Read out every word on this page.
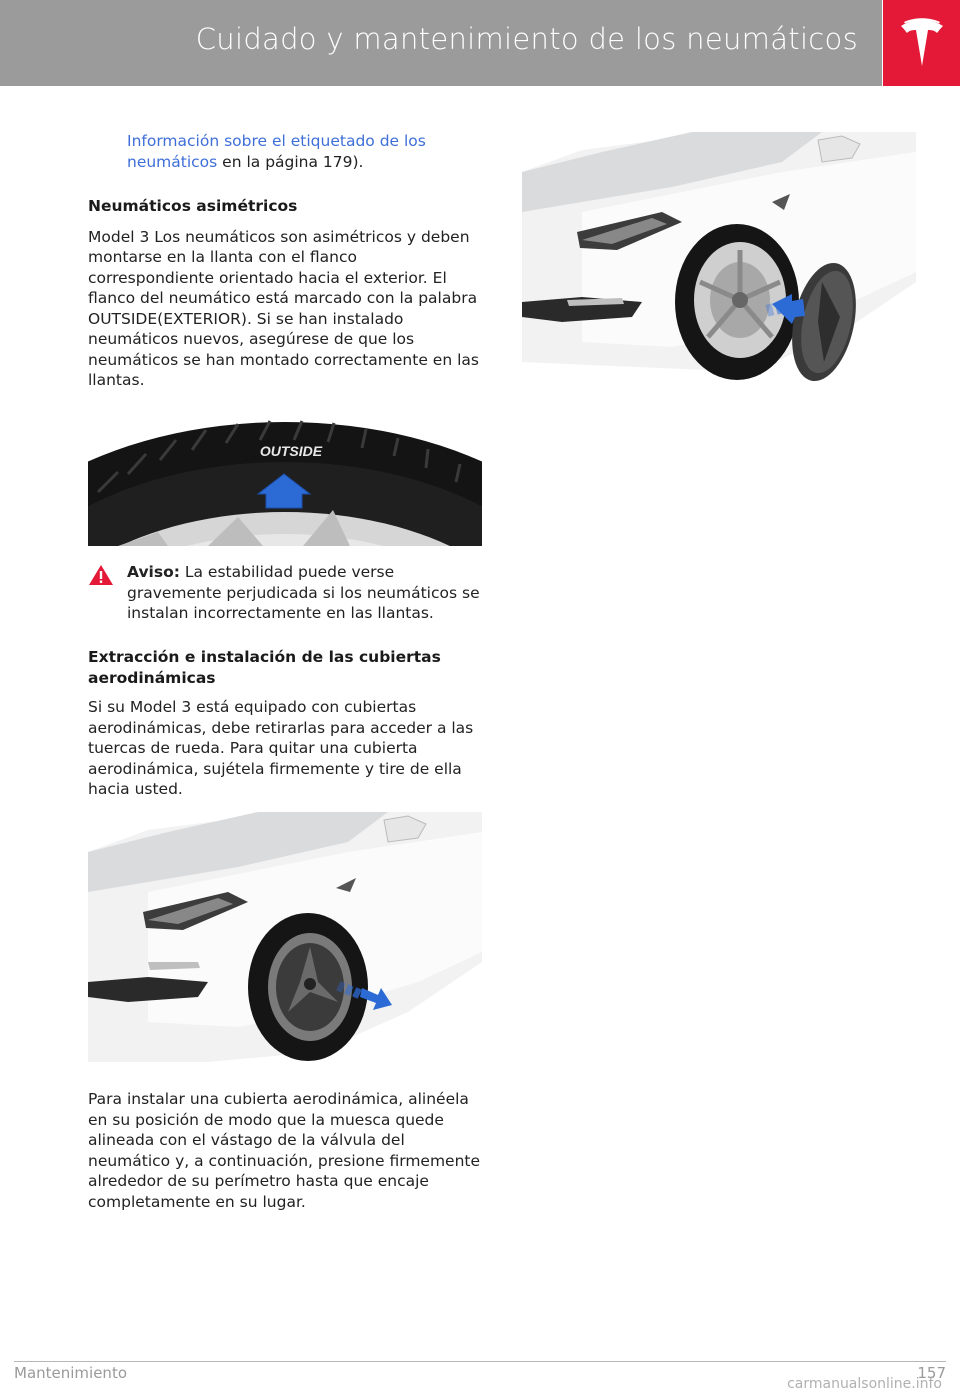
Cuidado y mantenimiento de los neumáticos

Información sobre el etiquetado de los neumáticos en la página 179).

Neumáticos asimétricos

Model 3 Los neumáticos son asimétricos y deben montarse en la llanta con el flanco correspondiente orientado hacia el exterior. El flanco del neumático está marcado con la palabra OUTSIDE(EXTERIOR). Si se han instalado neumáticos nuevos, asegúrese de que los neumáticos se han montado correctamente en las llantas.

OUTSIDE

Aviso: La estabilidad puede verse gravemente perjudicada si los neumáticos se instalan incorrectamente en las llantas.

Extracción e instalación de las cubiertas aerodinámicas

Si su Model 3 está equipado con cubiertas aerodinámicas, debe retirarlas para acceder a las tuercas de rueda. Para quitar una cubierta aerodinámica, sujétela firmemente y tire de ella hacia usted.

Para instalar una cubierta aerodinámica, alinéela en su posición de modo que la muesca quede alineada con el vástago de la válvula del neumático y, a continuación, presione firmemente alrededor de su perímetro hasta que encaje completamente en su lugar.

Mantenimiento	157
carmanualsonline.info
